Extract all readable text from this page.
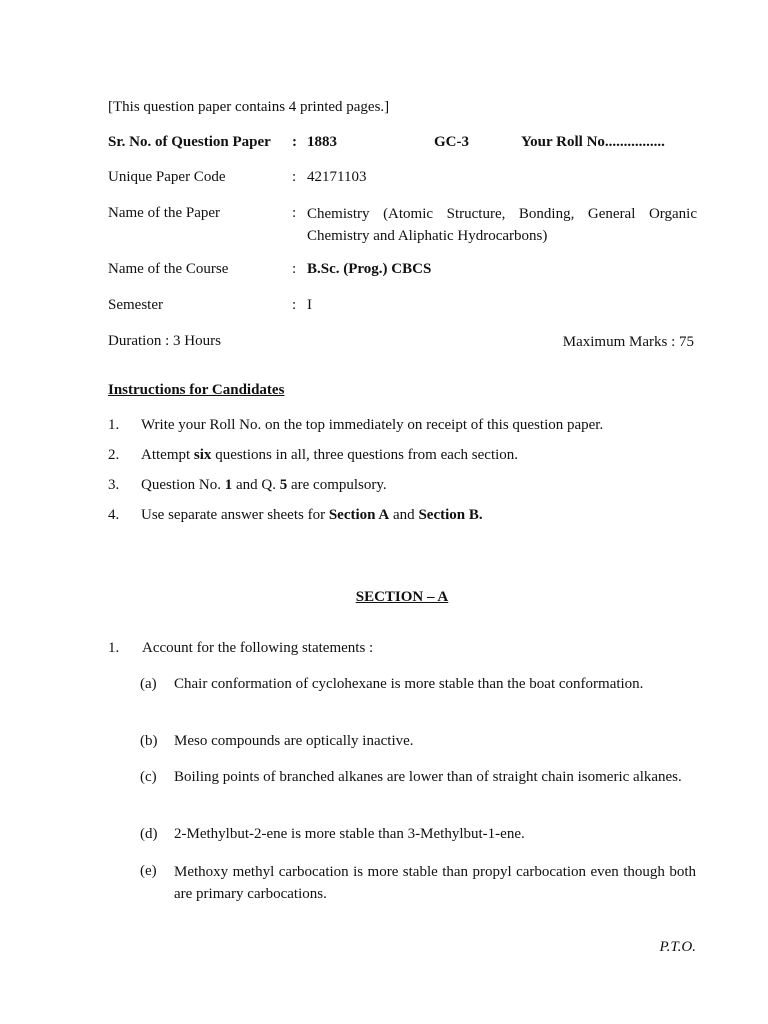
[This question paper contains 4 printed pages.]

Sr. No. of Question Paper : 1883	GC-3	Your Roll No................
Unique Paper Code	: 42171103
Name of the Paper	: Chemistry (Atomic Structure, Bonding, General Organic Chemistry and Aliphatic Hydrocarbons)
Name of the Course	: B.Sc. (Prog.) CBCS
Semester	: I
Duration : 3 Hours	Maximum Marks : 75
Instructions for Candidates
1. Write your Roll No. on the top immediately on receipt of this question paper.
2. Attempt six questions in all, three questions from each section.
3. Question No. 1 and Q. 5 are compulsory.
4. Use separate answer sheets for Section A and Section B.
SECTION – A
1. Account for the following statements :
(a) Chair conformation of cyclohexane is more stable than the boat conformation.
(b) Meso compounds are optically inactive.
(c) Boiling points of branched alkanes are lower than of straight chain isomeric alkanes.
(d) 2-Methylbut-2-ene is more stable than 3-Methylbut-1-ene.
(e) Methoxy methyl carbocation is more stable than propyl carbocation even though both are primary carbocations.
P.T.O.
